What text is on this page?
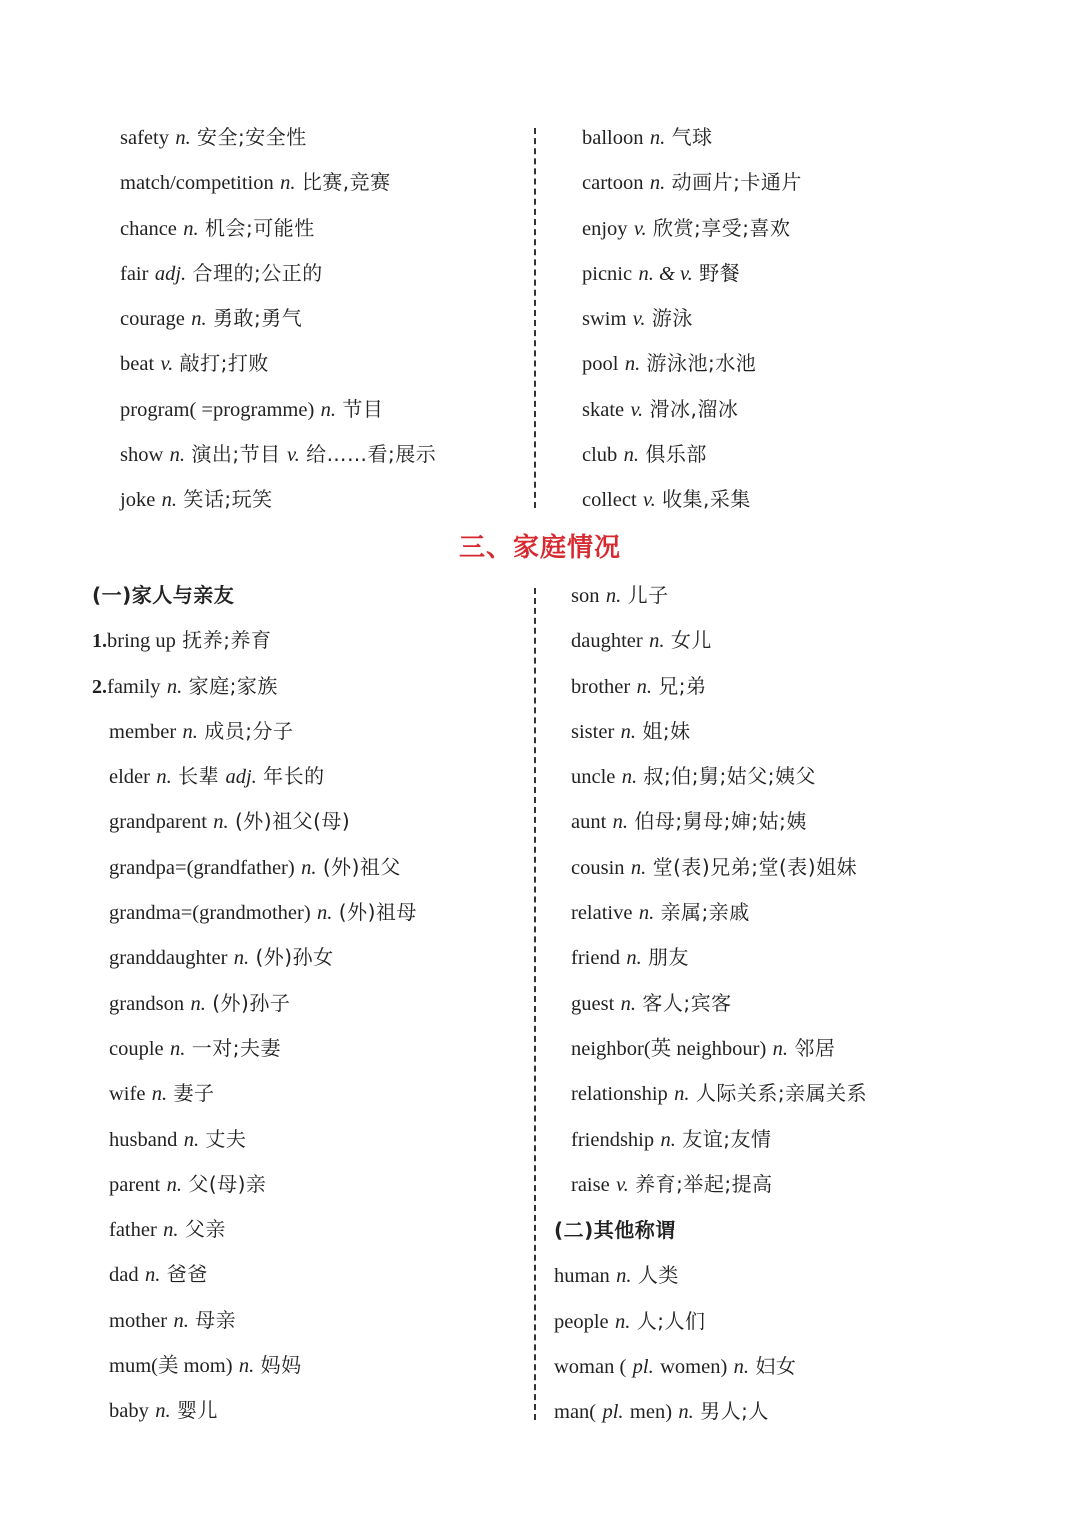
safety n. 安全;安全性
match/competition n. 比赛,竞赛
chance n. 机会;可能性
fair adj. 合理的;公正的
courage n. 勇敢;勇气
beat v. 敲打;打败
program( =programme) n. 节目
show n. 演出;节目 v. 给……看;展示
joke n. 笑话;玩笑
balloon n. 气球
cartoon n. 动画片;卡通片
enjoy v. 欣赏;享受;喜欢
picnic n. & v. 野餐
swim v. 游泳
pool n. 游泳池;水池
skate v. 滑冰,溜冰
club n. 俱乐部
collect v. 收集,采集
三、家庭情况
(一)家人与亲友
1.bring up 抚养;养育
2.family n. 家庭;家族
member n. 成员;分子
elder n. 长辈 adj. 年长的
grandparent n. (外)祖父(母)
grandpa=(grandfather) n. (外)祖父
grandma=(grandmother) n. (外)祖母
granddaughter n. (外)孙女
grandson n. (外)孙子
couple n. 一对;夫妻
wife n. 妻子
husband n. 丈夫
parent n. 父(母)亲
father n. 父亲
dad n. 爸爸
mother n. 母亲
mum(美 mom) n. 妈妈
baby n. 婴儿
son n. 儿子
daughter n. 女儿
brother n. 兄;弟
sister n. 姐;妹
uncle n. 叔;伯;舅;姑父;姨父
aunt n. 伯母;舅母;婶;姑;姨
cousin n. 堂(表)兄弟;堂(表)姐妹
relative n. 亲属;亲戚
friend n. 朋友
guest n. 客人;宾客
neighbor(英 neighbour) n. 邻居
relationship n. 人际关系;亲属关系
friendship n. 友谊;友情
raise v. 养育;举起;提高
(二)其他称谓
human n. 人类
people n. 人;人们
woman ( pl. women) n. 妇女
man( pl. men) n. 男人;人
